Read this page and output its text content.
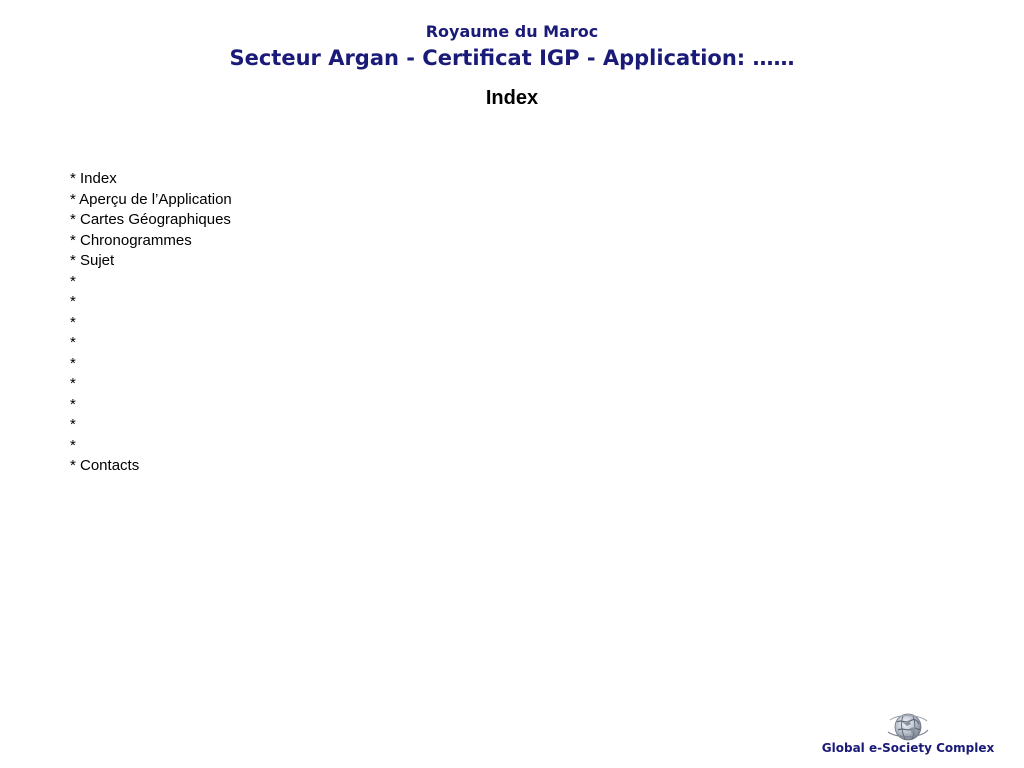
Royaume du Maroc
Secteur Argan - Certificat IGP - Application: ……
Index
* Index
* Aperçu de l’Application
* Cartes Géographiques
* Chronogrammes
* Sujet
*
*
*
*
*
*
*
*
*
* Contacts
Global e-Society Complex
